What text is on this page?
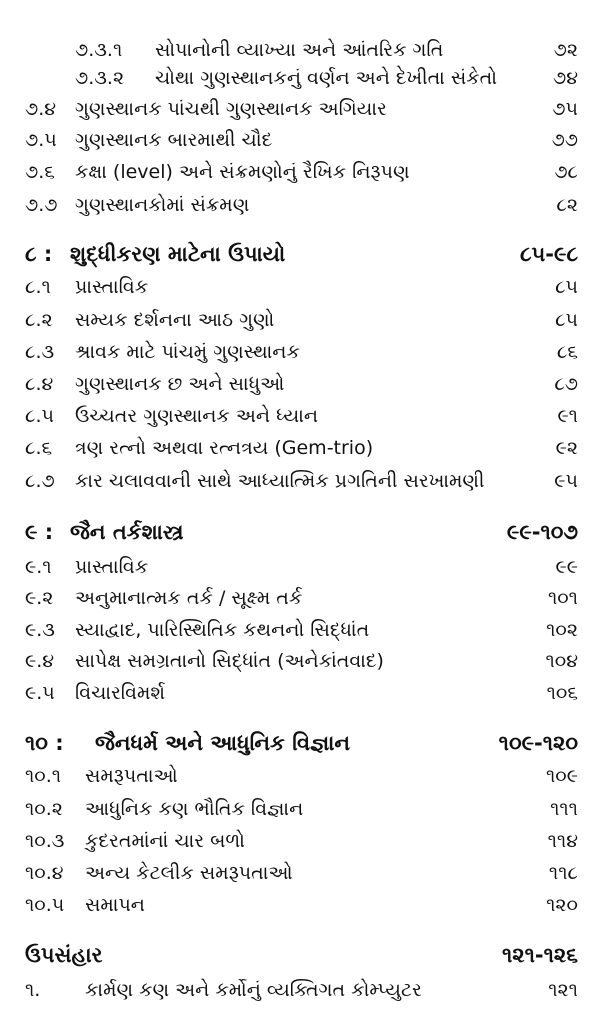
૭.૩.૧ સોપાનોની વ્યાખ્યા અને આંતરિક ગતિ	૭૨
૭.૩.૨ ચોથા ગુણસ્થાનકનું વર્ણન અને દેખીતા સંકેતો	૭૪
૭.૪ ગુણસ્થાનક પાંચથી ગુણસ્થાનક અગિયાર	૭૫
૭.૫ ગુણસ્થાનક બારમાથી ચૌદ	૭૭
૭.૬ કક્ષા (level) અને સંક્રમણોનું રૈખિક નિરૂપણ	૭૮
૭.૭ ગુણસ્થાનકોમાં સંક્રમણ	૮૨
૮ : શુદ્ધીકરણ માટેના ઉપાયો	૮૫-૯૮
૮.૧ પ્રાસ્તાવિક	૮૫
૮.૨ સમ્યક દર્શનના આઠ ગુણો	૮૫
૮.૩ શ્રાવક માટે પાંચમું ગુણસ્થાનક	૮૬
૮.૪ ગુણસ્થાનક છ અને સાધુઓ	૮૭
૮.૫ ઉચ્ચતર ગુણસ્થાનક અને ધ્યાન	૯૧
૮.૬ ત્રણ રત્નો અથવા રત્નત્રય (Gem-trio)	૯૨
૮.૭ કાર ચલાવવાની સાથે આધ્યાત્મિક પ્રગતિની સરખામણી	૯૫
૯ : જૈન તર્કશાસ્ત્ર	૯૯-૧૦૭
૯.૧ પ્રાસ્તાવિક	૯૯
૯.૨ અનુમાનાત્મક તર્ક / સૂક્ષ્મ તર્ક	૧૦૧
૯.૩ સ્યાદ્વાદ, પારિસ્થિતિક કથનનો સિદ્ધાંત	૧૦૨
૯.૪ સાપેક્ષ સમગ્રતાનો સિદ્ધાંત (અનેકાંતવાદ)	૧૦૪
૯.૫ વિચારવિમર્શ	૧૦૬
૧૦ : જૈનધર્મ અને આધુનિક વિજ્ઞાન	૧૦૯-૧૨૦
૧૦.૧ સમરૂપતાઓ	૧૦૯
૧૦.૨ આધુનિક કણ ભૌતિક વિજ્ઞાન	૧૧૧
૧૦.૩ કુદરતમાંનાં ચાર બળો	૧૧૪
૧૦.૪ અન્ય કેટલીક સમરૂપતાઓ	૧૧૮
૧૦.૫ સમાપન	૧૨૦
ઉપસંહાર	૧૨૧-૧૨૬
૧. કાર્મણ કણ અને કર્મોનું વ્યક્તિગત કોમ્પ્યુટર	૧૨૧
